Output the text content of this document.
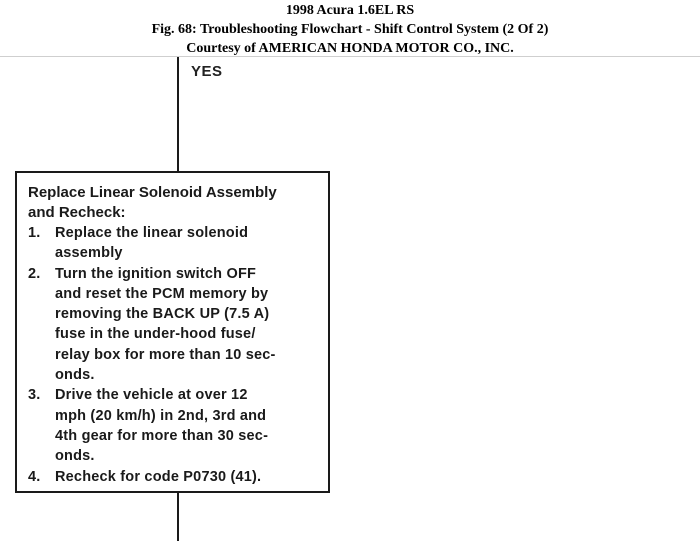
1998 Acura 1.6EL RS
Fig. 68: Troubleshooting Flowchart - Shift Control System (2 Of 2)
Courtesy of AMERICAN HONDA MOTOR CO., INC.
YES
Replace Linear Solenoid Assembly
and Recheck:
1. Replace the linear solenoid
assembly
2. Turn the ignition switch OFF
and reset the PCM memory by
removing the BACK UP (7.5 A)
fuse in the under-hood fuse/
relay box for more than 10 sec-
onds.
3. Drive the vehicle at over 12
mph (20 km/h) in 2nd, 3rd and
4th gear for more than 30 sec-
onds.
4. Recheck for code P0730 (41).
